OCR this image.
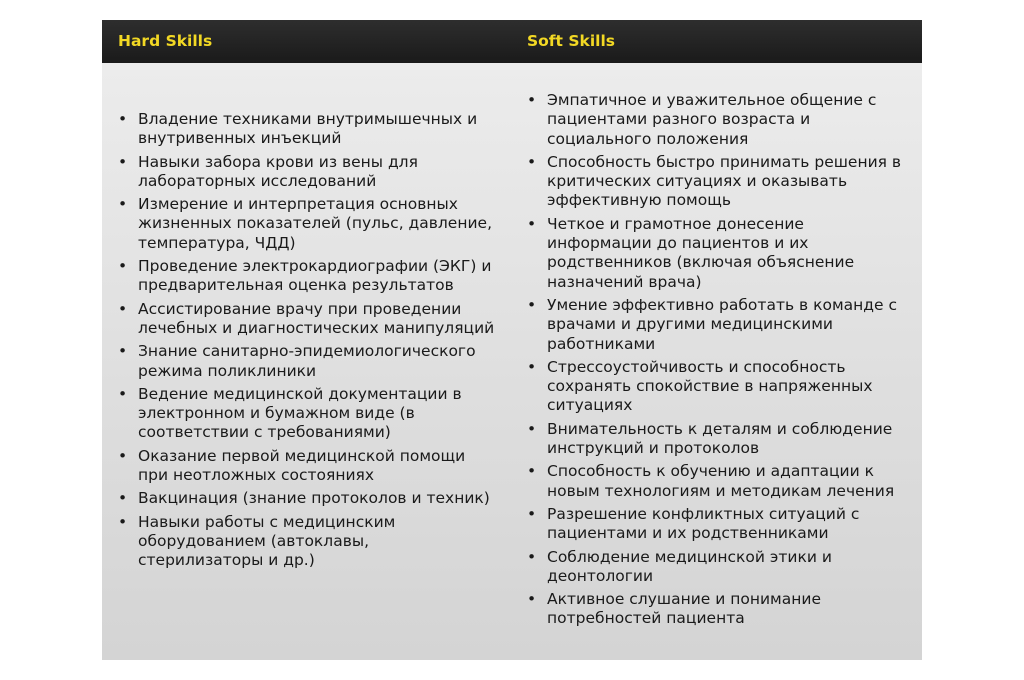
Hard Skills	Soft Skills
• Владение техниками внутримышечных и внутривенных инъекций
• Навыки забора крови из вены для лабораторных исследований
• Измерение и интерпретация основных жизненных показателей (пульс, давление, температура, ЧДД)
• Проведение электрокардиографии (ЭКГ) и предварительная оценка результатов
• Ассистирование врачу при проведении лечебных и диагностических манипуляций
• Знание санитарно-эпидемиологического режима поликлиники
• Ведение медицинской документации в электронном и бумажном виде (в соответствии с требованиями)
• Оказание первой медицинской помощи при неотложных состояниях
• Вакцинация (знание протоколов и техник)
• Навыки работы с медицинским оборудованием (автоклавы, стерилизаторы и др.)
• Эмпатичное и уважительное общение с пациентами разного возраста и социального положения
• Способность быстро принимать решения в критических ситуациях и оказывать эффективную помощь
• Четкое и грамотное донесение информации до пациентов и их родственников (включая объяснение назначений врача)
• Умение эффективно работать в команде с врачами и другими медицинскими работниками
• Стрессоустойчивость и способность сохранять спокойствие в напряженных ситуациях
• Внимательность к деталям и соблюдение инструкций и протоколов
• Способность к обучению и адаптации к новым технологиям и методикам лечения
• Разрешение конфликтных ситуаций с пациентами и их родственниками
• Соблюдение медицинской этики и деонтологии
• Активное слушание и понимание потребностей пациента
